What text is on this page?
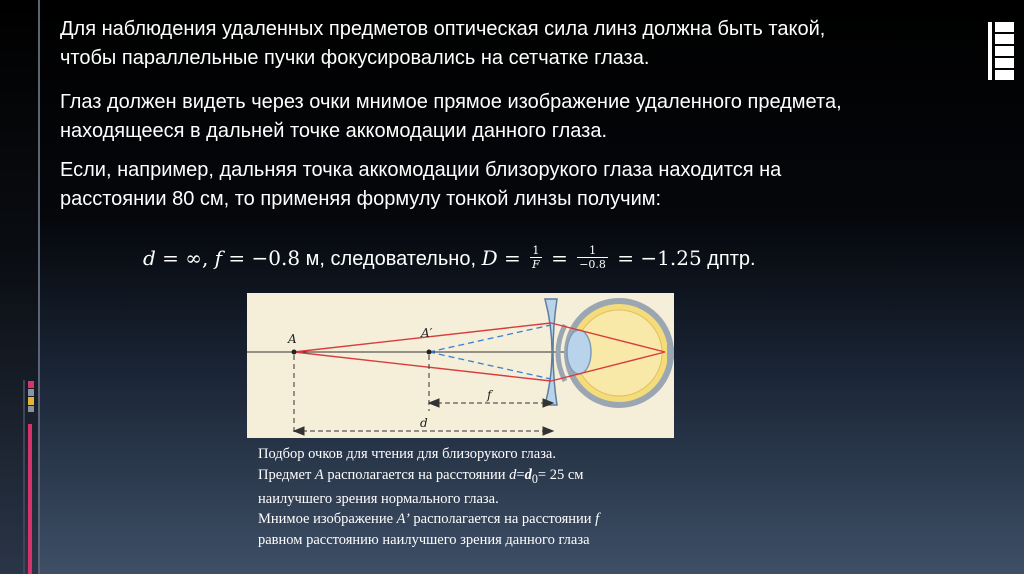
Для наблюдения удаленных предметов оптическая сила линз должна быть такой,
чтобы параллельные пучки фокусировались на сетчатке глаза.

Глаз должен видеть через очки мнимое прямое изображение удаленного предмета,
находящееся в дальней точке аккомодации данного глаза.

Если, например, дальняя точка аккомодации близорукого глаза находится на
расстоянии 80 см, то применяя формулу тонкой линзы получим:

d = ∞, f = −0.8 м, следовательно, $D = \frac{1}{F} = \frac{1}{-0.8} = -1.25$ дптр.
A	A′
f
d
Подбор очков для чтения для близорукого глаза.
Предмет A располагается на расстоянии $d=d_0= 25$ см
наилучшего зрения нормального глаза.
Мнимое изображение A’ располагается на расстоянии f
равном расстоянию наилучшего зрения данного глаза
